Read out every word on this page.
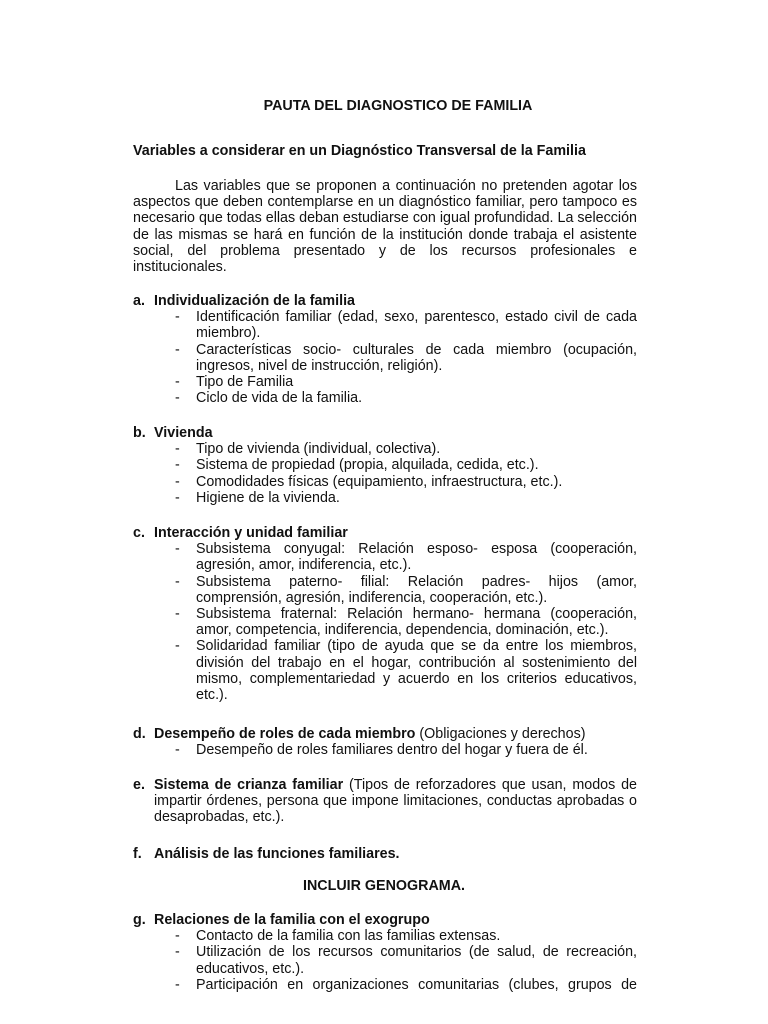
PAUTA DEL DIAGNOSTICO DE FAMILIA
Variables a considerar en un Diagnóstico Transversal de la Familia

Las variables que se proponen a continuación no pretenden agotar los aspectos que deben contemplarse en un diagnóstico familiar, pero tampoco es necesario que todas ellas deban estudiarse con igual profundidad. La selección de las mismas se hará en función de la institución donde trabaja el asistente social, del problema presentado y de los recursos profesionales e institucionales.

a. Individualización de la familia
-	Identificación familiar (edad, sexo, parentesco, estado civil de cada miembro).
-	Características socio- culturales de cada miembro (ocupación, ingresos, nivel de instrucción, religión).
-	Tipo de Familia
-	Ciclo de vida de la familia.
b. Vivienda
-	Tipo de vivienda (individual, colectiva).
-	Sistema de propiedad (propia, alquilada, cedida, etc.).
-	Comodidades físicas (equipamiento, infraestructura, etc.).
-	Higiene de la vivienda.
c. Interacción y unidad familiar
-	Subsistema conyugal: Relación esposo- esposa (cooperación, agresión, amor, indiferencia, etc.).
-	Subsistema paterno- filial: Relación padres- hijos (amor, comprensión, agresión, indiferencia, cooperación, etc.).
-	Subsistema fraternal: Relación hermano- hermana (cooperación, amor, competencia, indiferencia, dependencia, dominación, etc.).
-	Solidaridad familiar (tipo de ayuda que se da entre los miembros, división del trabajo en el hogar, contribución al sostenimiento del mismo, complementariedad y acuerdo en los criterios educativos, etc.).
d. Desempeño de roles de cada miembro (Obligaciones y derechos)
-	Desempeño de roles familiares dentro del hogar y fuera de él.
e. Sistema de crianza familiar (Tipos de reforzadores que usan, modos de impartir órdenes, persona que impone limitaciones, conductas aprobadas o desaprobadas, etc.).
f. Análisis de las funciones familiares.
INCLUIR GENOGRAMA.
g. Relaciones de la familia con el exogrupo
-	Contacto de la familia con las familias extensas.
-	Utilización de los recursos comunitarios (de salud, de recreación, educativos, etc.).
-	Participación en organizaciones comunitarias (clubes, grupos de
